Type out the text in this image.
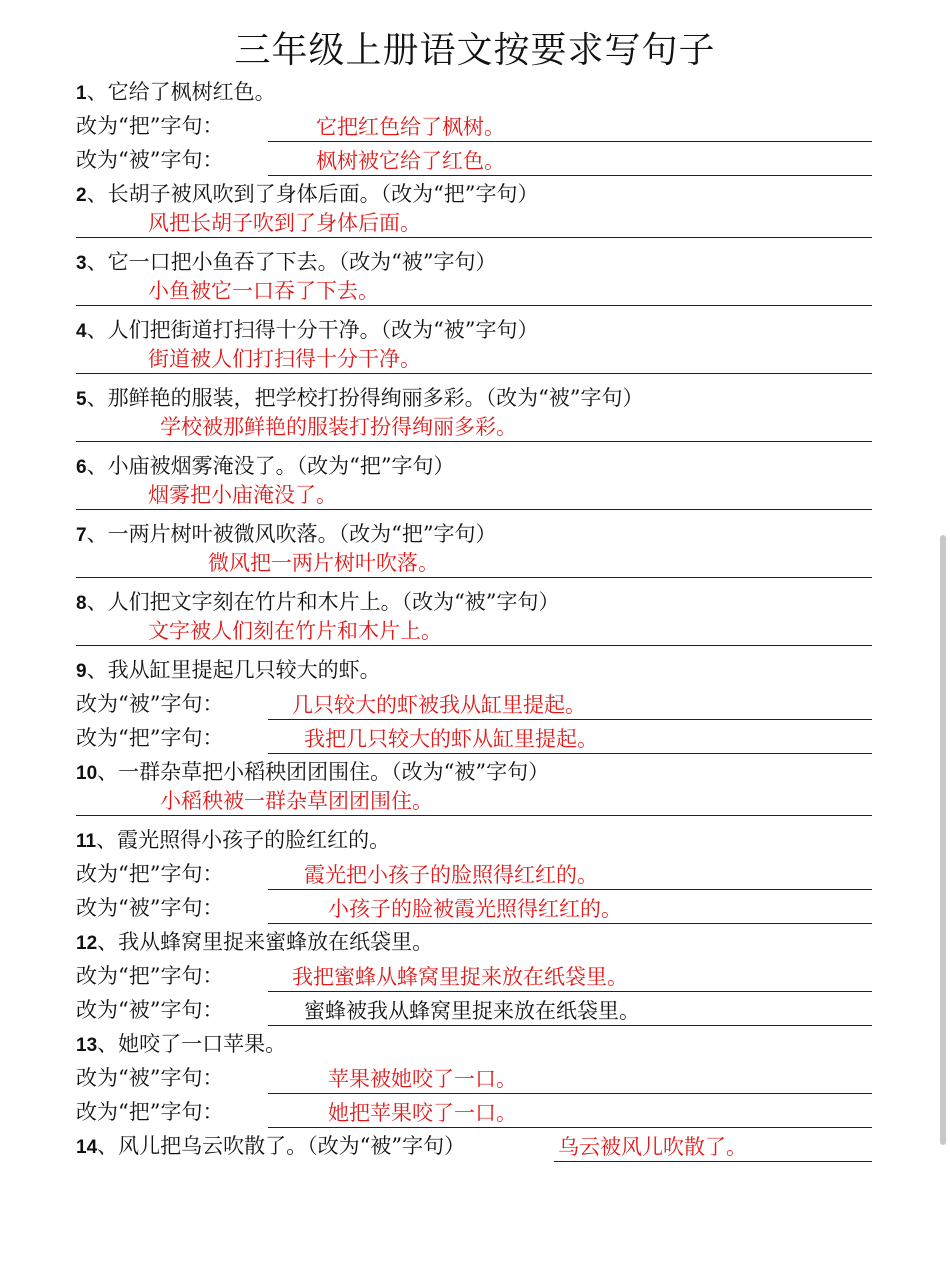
三年级上册语文按要求写句子
1、它给了枫树红色。
改为“把”字句：	它把红色给了枫树。
改为“被”字句：	枫树被它给了红色。
2、长胡子被风吹到了身体后面。（改为“把”字句）
风把长胡子吹到了身体后面。
3、它一口把小鱼吞了下去。（改为“被”字句）
小鱼被它一口吞了下去。
4、人们把街道打扫得十分干净。（改为“被”字句）
街道被人们打扫得十分干净。
5、那鲜艳的服装，把学校打扮得绚丽多彩。（改为“被”字句）
学校被那鲜艳的服装打扮得绚丽多彩。
6、小庙被烟雾淹没了。（改为“把”字句）
烟雾把小庙淹没了。
7、一两片树叶被微风吹落。（改为“把”字句）
微风把一两片树叶吹落。
8、人们把文字刻在竹片和木片上。（改为“被”字句）
文字被人们刻在竹片和木片上。
9、我从缸里提起几只较大的虾。
改为“被”字句：	几只较大的虾被我从缸里提起。
改为“把”字句：	我把几只较大的虾从缸里提起。
10、一群杂草把小稻秧团团围住。（改为“被”字句）
小稻秧被一群杂草团团围住。
11、霞光照得小孩子的脸红红的。
改为“把”字句：	霞光把小孩子的脸照得红红的。
改为“被”字句：	小孩子的脸被霞光照得红红的。
12、我从蜂窝里捉来蜜蜂放在纸袋里。
改为“把”字句：	我把蜜蜂从蜂窝里捉来放在纸袋里。
改为“被”字句：	蜜蜂被我从蜂窝里捉来放在纸袋里。
13、她咬了一口苹果。
改为“被”字句：	苹果被她咬了一口。
改为“把”字句：	她把苹果咬了一口。
14、风儿把乌云吹散了。（改为“被”字句）	乌云被风儿吹散了。
